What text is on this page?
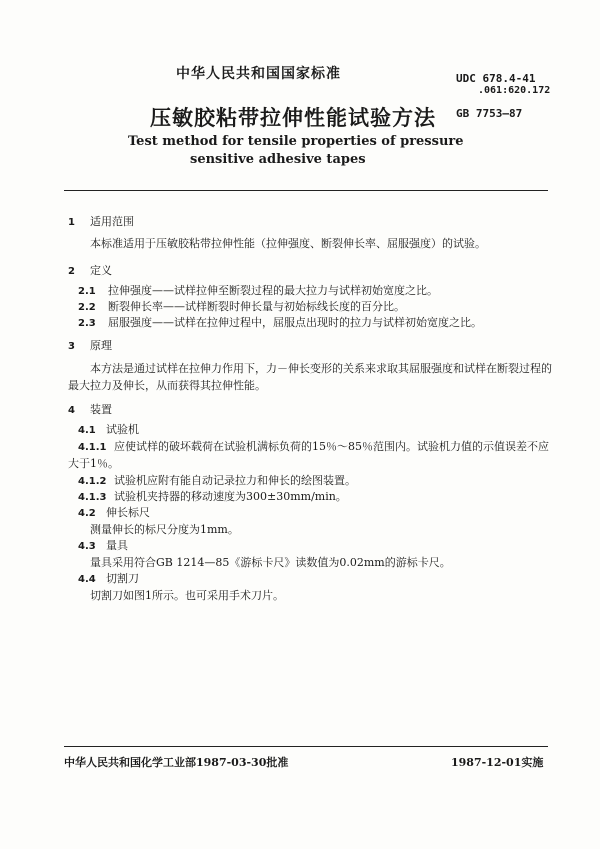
中华人民共和国国家标准	UDC 678.4-41
.061:620.172
GB 7753—87
压敏胶粘带拉伸性能试验方法
Test method for tensile properties of pressure
sensitive adhesive tapes
1 适用范围
本标准适用于压敏胶粘带拉伸性能（拉伸强度、断裂伸长率、屈服强度）的试验。
2 定义
2.1 拉伸强度——试样拉伸至断裂过程的最大拉力与试样初始宽度之比。
2.2 断裂伸长率——试样断裂时伸长量与初始标线长度的百分比。
2.3 屈服强度——试样在拉伸过程中，屈服点出现时的拉力与试样初始宽度之比。
3 原理
本方法是通过试样在拉伸力作用下，力－伸长变形的关系来求取其屈服强度和试样在断裂过程的
最大拉力及伸长，从而获得其拉伸性能。
4 装置
4.1 试验机
4.1.1 应使试样的破坏载荷在试验机满标负荷的15％～85％范围内。试验机力值的示值误差不应
大于1％。
4.1.2 试验机应附有能自动记录拉力和伸长的绘图装置。
4.1.3 试验机夹持器的移动速度为300±30mm/min。
4.2 伸长标尺
测量伸长的标尺分度为1mm。
4.3 量具
量具采用符合GB 1214—85《游标卡尺》读数值为0.02mm的游标卡尺。
4.4 切割刀
切割刀如图1所示。也可采用手术刀片。
中华人民共和国化学工业部1987-03-30批准	1987-12-01实施
